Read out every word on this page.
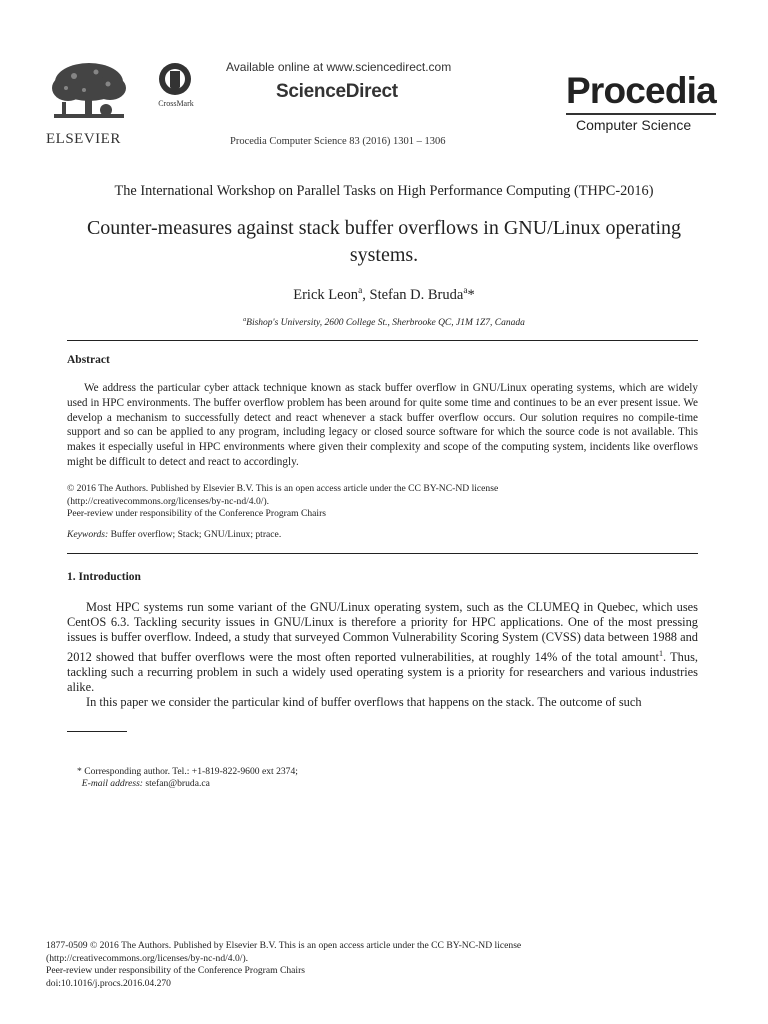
ELSEVIER
CrossMark
Available online at www.sciencedirect.com
ScienceDirect
Procedia Computer Science 83 (2016) 1301 – 1306
Procedia
Computer Science
The International Workshop on Parallel Tasks on High Performance Computing (THPC-2016)
Counter-measures against stack buffer overflows in GNU/Linux operating systems.
Erick Leon$^a$, Stefan D. Bruda$^a$*
$^a$Bishop's University, 2600 College St., Sherbrooke QC, J1M 1Z7, Canada
Abstract
We address the particular cyber attack technique known as stack buffer overflow in GNU/Linux operating systems, which are widely used in HPC environments. The buffer overflow problem has been around for quite some time and continues to be an ever present issue. We develop a mechanism to successfully detect and react whenever a stack buffer overflow occurs. Our solution requires no compile-time support and so can be applied to any program, including legacy or closed source software for which the source code is not available. This makes it especially useful in HPC environments where given their complexity and scope of the computing system, incidents like overflows might be difficult to detect and react to accordingly.
© 2016 The Authors. Published by Elsevier B.V. This is an open access article under the CC BY-NC-ND license
(http://creativecommons.org/licenses/by-nc-nd/4.0/).
Peer-review under responsibility of the Conference Program Chairs
Keywords: Buffer overflow; Stack; GNU/Linux; ptrace.
1. Introduction

Most HPC systems run some variant of the GNU/Linux operating system, such as the CLUMEQ in Quebec, which uses CentOS 6.3. Tackling security issues in GNU/Linux is therefore a priority for HPC applications. One of the most pressing issues is buffer overflow. Indeed, a study that surveyed Common Vulnerability Scoring System (CVSS) data between 1988 and 2012 showed that buffer overflows were the most often reported vulnerabilities, at roughly 14% of the total amount$^1$. Thus, tackling such a recurring problem in such a widely used operating system is a priority for researchers and various industries alike.

In this paper we consider the particular kind of buffer overflows that happens on the stack. The outcome of such

* Corresponding author. Tel.: +1-819-822-9600 ext 2374;
E-mail address: stefan@bruda.ca
1877-0509 © 2016 The Authors. Published by Elsevier B.V. This is an open access article under the CC BY-NC-ND license
(http://creativecommons.org/licenses/by-nc-nd/4.0/).
Peer-review under responsibility of the Conference Program Chairs
doi:10.1016/j.procs.2016.04.270
